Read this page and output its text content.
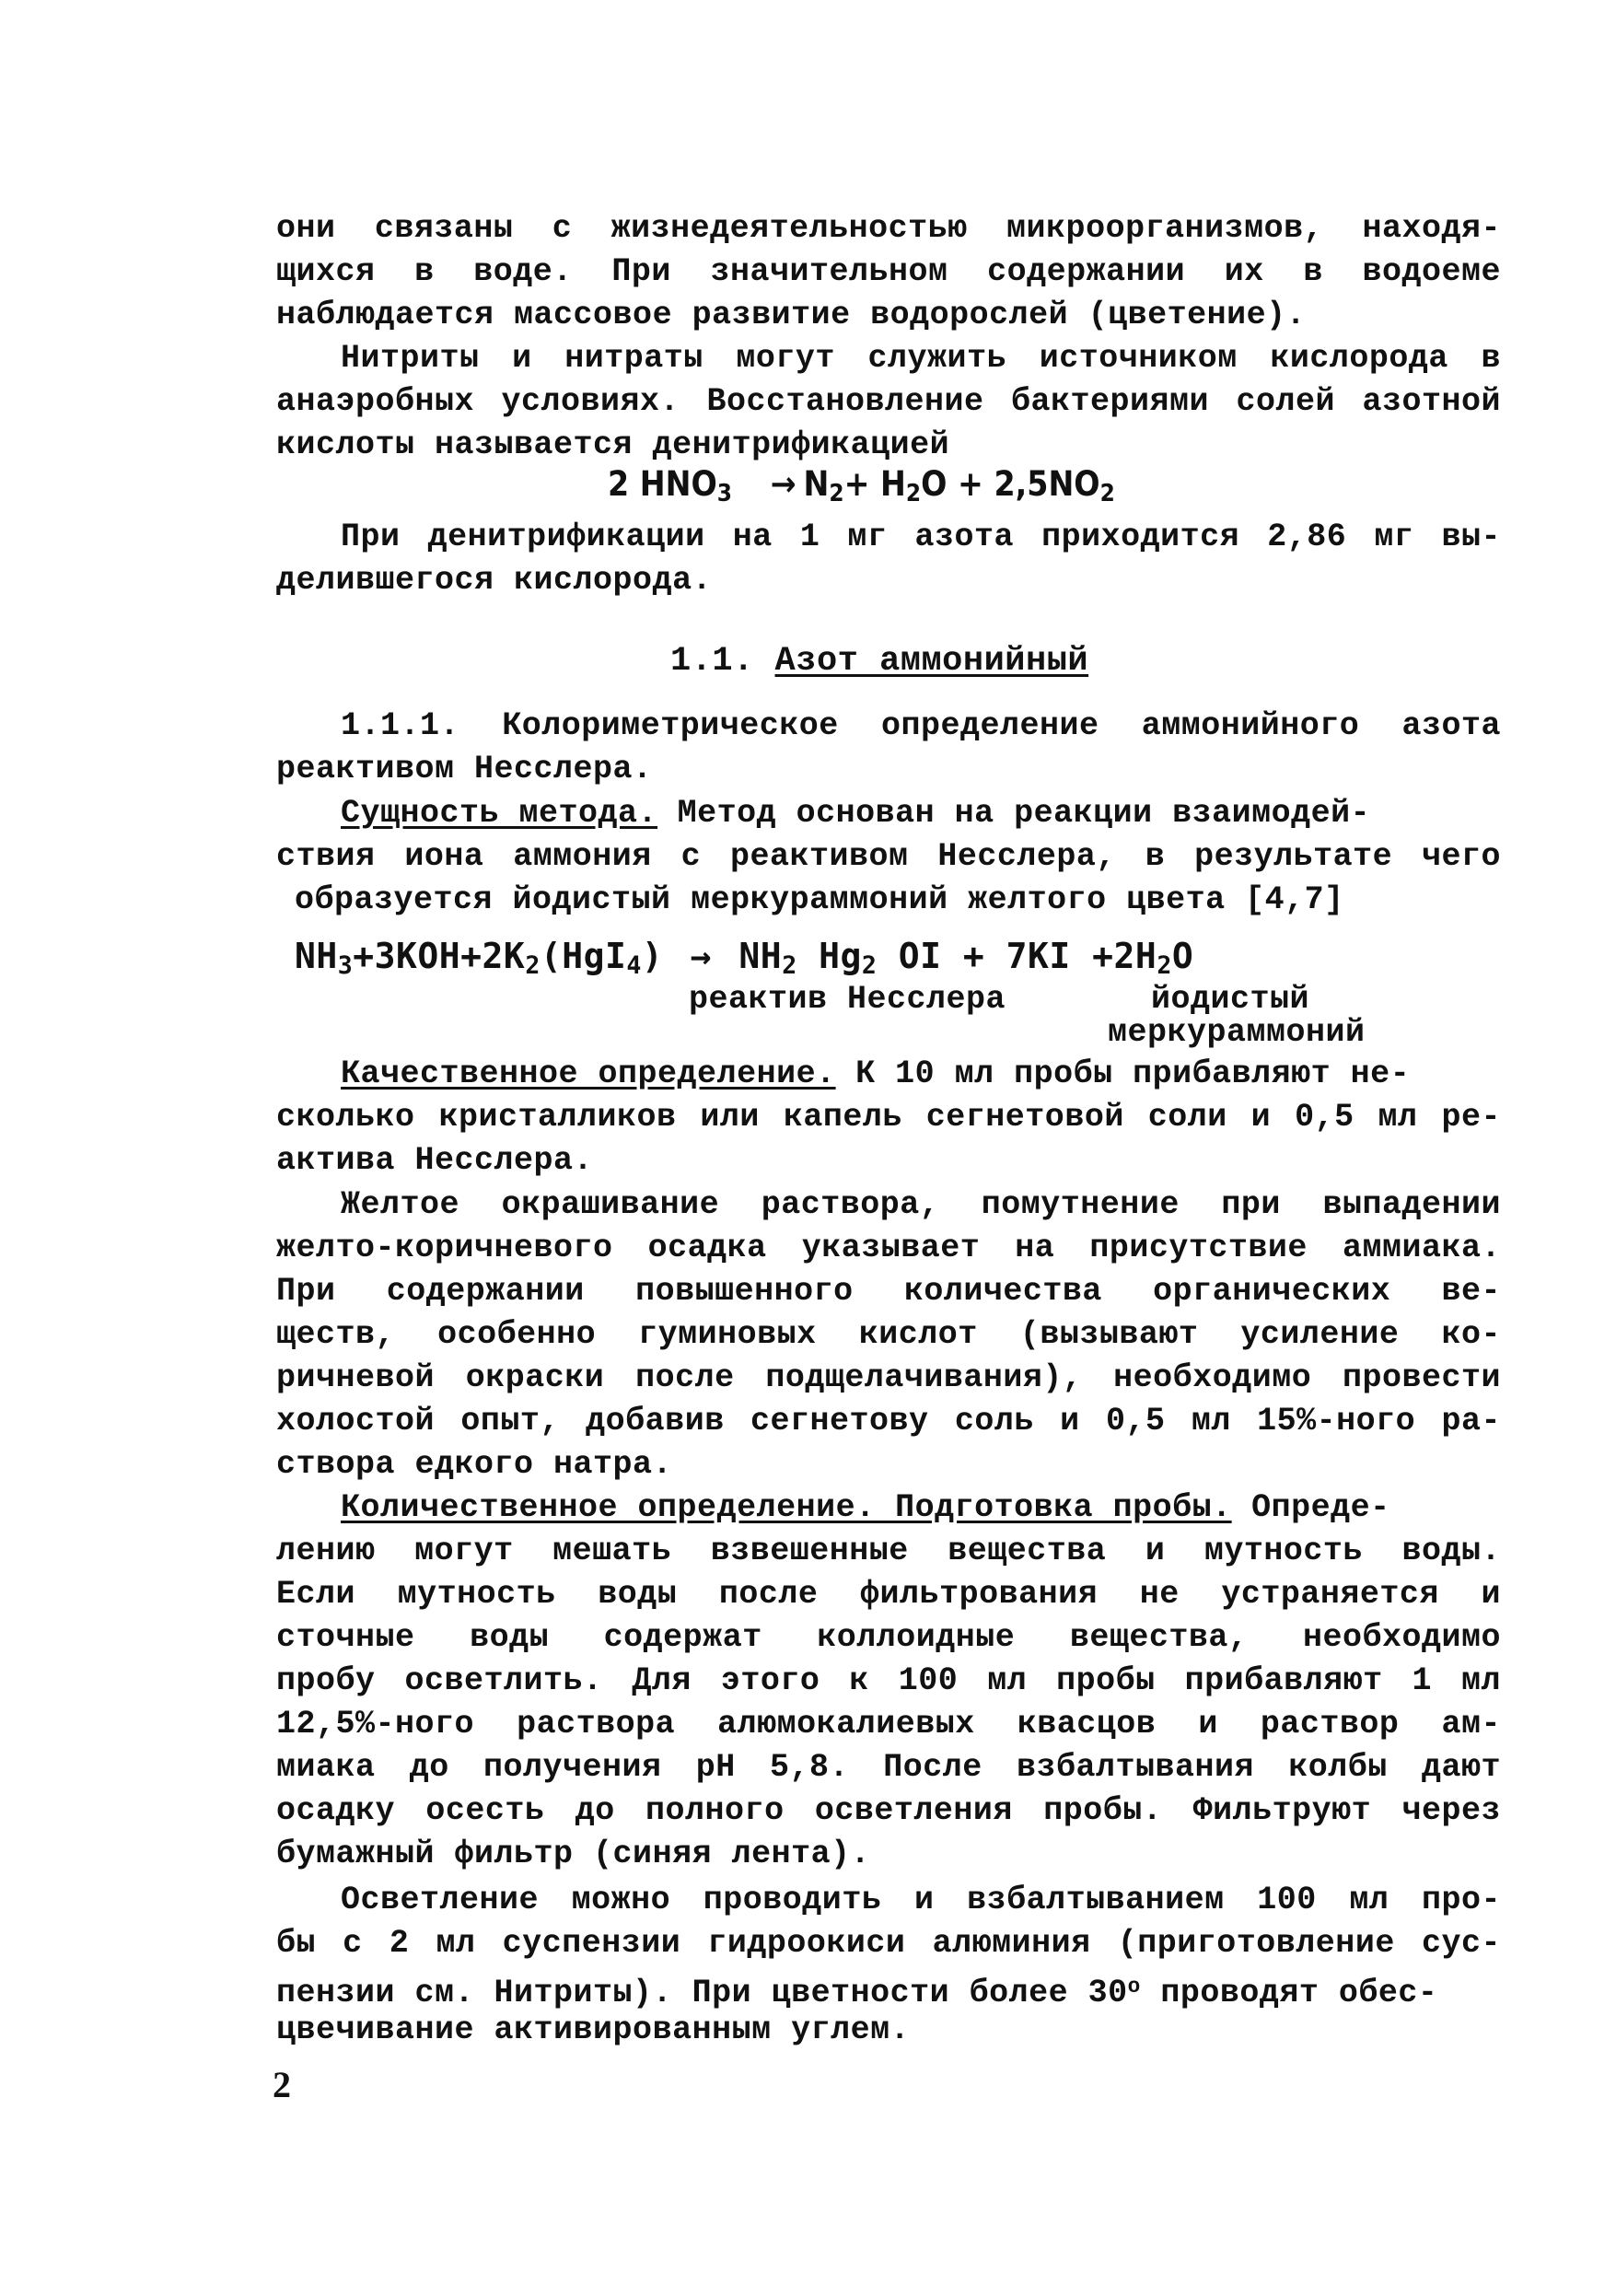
они связаны с жизнедеятельностью микроорганизмов, находя-
щихся в воде. При значительном содержании их в водоеме
наблюдается массовое развитие водорослей (цветение).
Нитриты и нитраты могут служить источником кислорода в
анаэробных условиях. Восстановление бактериями солей азотной
кислоты называется денитрификацией
2 $HNO_3 \to N_2+ H_2O + 2,5NO_2$
При денитрификации на 1 мг азота приходится 2,86 мг вы-
делившегося кислорода.
1.1. Азот аммонийный
1.1.1. Колориметрическое определение аммонийного азота
реактивом Несслера.
Сущность метода. Метод основан на реакции взаимодей-
ствия иона аммония с реактивом Несслера, в результате чего
образуется йодистый меркураммоний желтого цвета [4,7]
$NH_3+3KOH+2K_2(HgI_4) \to NH_2$ $Hg_2$ OI + $7KI +2H_2O$
реактив Несслера	йодистый
меркураммоний
Качественное определение. К 10 мл пробы прибавляют не-
сколько кристалликов или капель сегнетовой соли и 0,5 мл ре-
актива Несслера.
Желтое окрашивание раствора, помутнение при выпадении
желто-коричневого осадка указывает на присутствие аммиака.
При содержании повышенного количества органических ве-
ществ, особенно гуминовых кислот (вызывают усиление ко-
ричневой окраски после подщелачивания), необходимо провести
холостой опыт, добавив сегнетову соль и 0,5 мл 15%-ного ра-
створа едкого натра.
Количественное определение. Подготовка пробы. Опреде-
лению могут мешать взвешенные вещества и мутность воды.
Если мутность воды после фильтрования не устраняется и
сточные воды содержат коллоидные вещества, необходимо
пробу осветлить. Для этого к 100 мл пробы прибавляют 1 мл
12,5%-ного раствора алюмокалиевых квасцов и раствор ам-
миака до получения pH 5,8. После взбалтывания колбы дают
осадку осесть до полного осветления пробы. Фильтруют через
бумажный фильтр (синяя лента).
Осветление можно проводить и взбалтыванием 100 мл про-
бы с 2 мл суспензии гидроокиси алюминия (приготовление сус-
пензии см. Нитриты). При цветности более 30$^o$ проводят обес-
цвечивание активированным углем.
2
